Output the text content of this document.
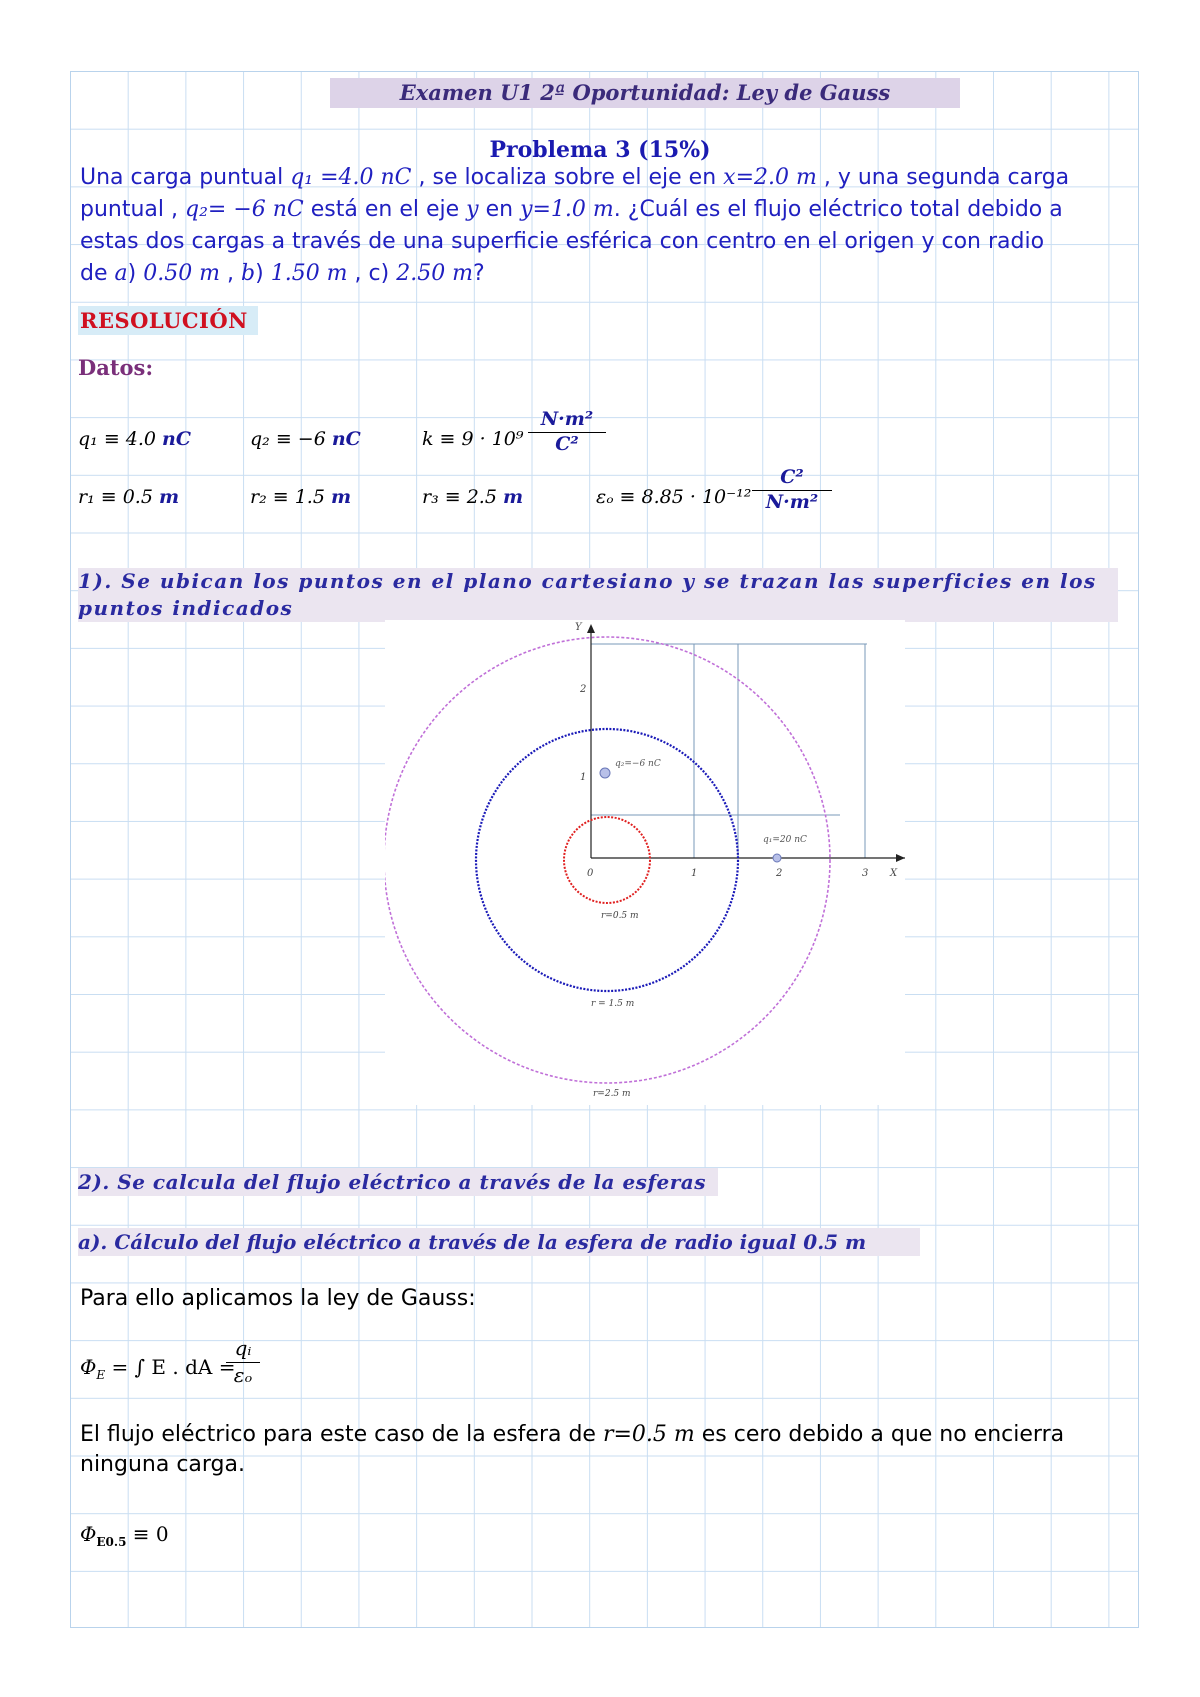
Examen U1 2ª Oportunidad: Ley de Gauss
Problema 3 (15%)
Una carga puntual q₁ =4.0 nC , se localiza sobre el eje en x=2.0 m , y una segunda carga
puntual , q₂= −6 nC está en el eje y en y=1.0 m. ¿Cuál es el flujo eléctrico total debido a
estas dos cargas a través de una superficie esférica con centro en el origen y con radio
de a) 0.50 m , b) 1.50 m , c) 2.50 m?
RESOLUCIÓN
Datos:
q₁ ≡ 4.0 nC	q₂ ≡ −6 nC	k ≡ 9 · 10⁹
N·m²
C²
r₁ ≡ 0.5 m	r₂ ≡ 1.5 m	r₃ ≡ 2.5 m	εₒ ≡ 8.85 · 10⁻¹²
C²
N·m²
1). Se ubican los puntos en el plano cartesiano y se trazan las superficies en los puntos indicados
Y
X
0	1	2	3
1
2
q₁=20 nC
q₂=−6 nC
r=0.5 m
r = 1.5 m
r=2.5 m
2). Se calcula del flujo eléctrico a través de la esferas
a). Cálculo del flujo eléctrico a través de la esfera de radio igual 0.5 m
Para ello aplicamos la ley de Gauss:
$\Phi_E$ = ∫ E . dA =
qᵢ
εₒ
El flujo eléctrico para este caso de la esfera de r=0.5 m es cero debido a que no encierra
ninguna carga.
$\Phi_{E0.5} \equiv 0$
